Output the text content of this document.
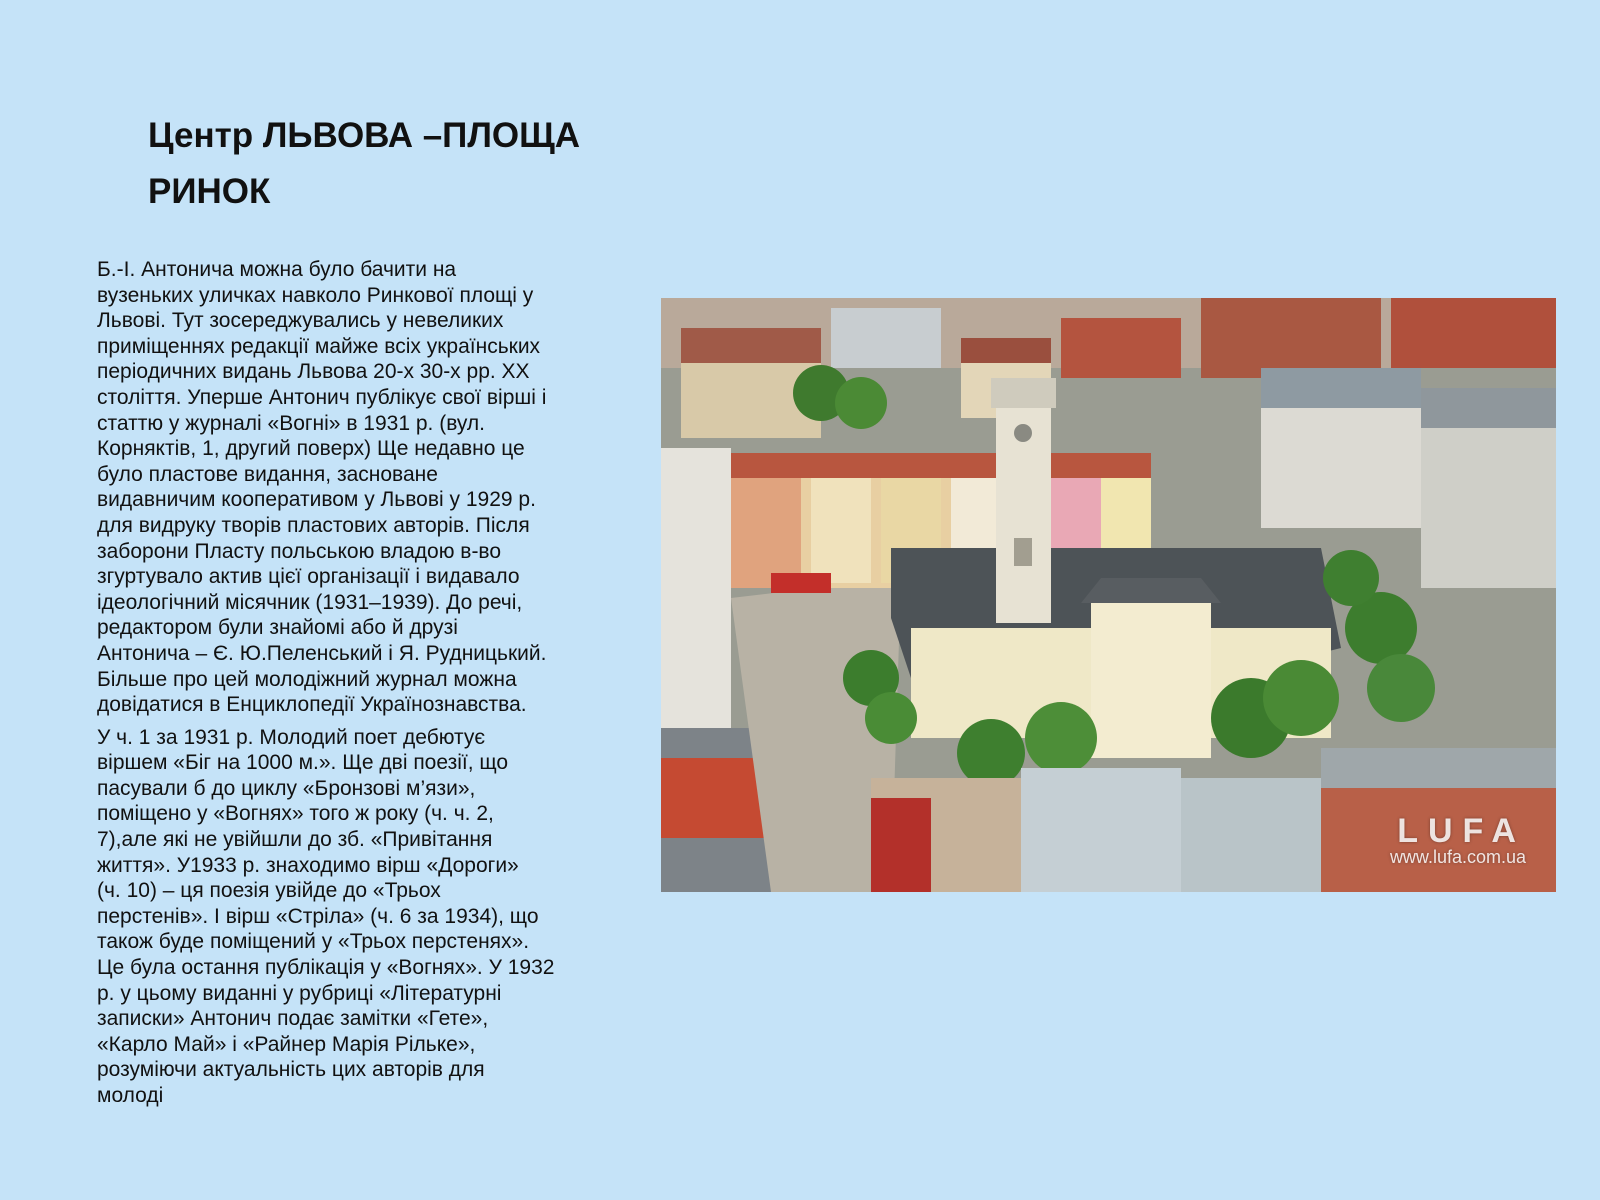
Центр ЛЬВОВА –ПЛОЩА
РИНОК

Б.-І. Антонича можна було бачити на
вузеньких уличках навколо Ринкової площі у
Львові. Тут зосереджувались у невеликих
приміщеннях редакції майже всіх українських
періодичних видань Львова 20-х 30-х рр. ХХ
століття. Уперше Антонич публікує свої вірші і
статтю у журналі «Вогні» в 1931 р. (вул.
Корняктів, 1, другий поверх) Ще недавно це
було пластове видання, засноване
видавничим кооперативом у Львові у 1929 р.
для видруку творів пластових авторів. Після
заборони Пласту польською владою в-во
згуртувало актив цієї організації і видавало
ідеологічний місячник (1931–1939). До речі,
редактором були знайомі або й друзі
Антонича – Є. Ю.Пеленський і Я. Рудницький.
Більше про цей молодіжний журнал можна
довідатися в Енциклопедії Українознавства.

У ч. 1 за 1931 р. Молодий поет дебютує
віршем «Біг на 1000 м.». Ще дві поезії, що
пасували б до циклу «Бронзові м’язи»,
поміщено у «Вогнях» того ж року (ч. ч. 2,
7),але які не увійшли до зб. «Привітання
життя». У1933 р. знаходимо вірш «Дороги»
(ч. 10) – ця поезія увійде до «Трьох
перстенів». І вірш «Стріла» (ч. 6 за 1934), що
також буде поміщений у «Трьох перстенях».
Це була остання публікація у «Вогнях». У 1932
р. у цьому виданні у рубриці «Літературні
записки» Антонич подає замітки «Гете»,
«Карло Май» і «Райнер Марія Рільке»,
розуміючи актуальність цих авторів для
молоді

LUFA
www.lufa.com.ua
